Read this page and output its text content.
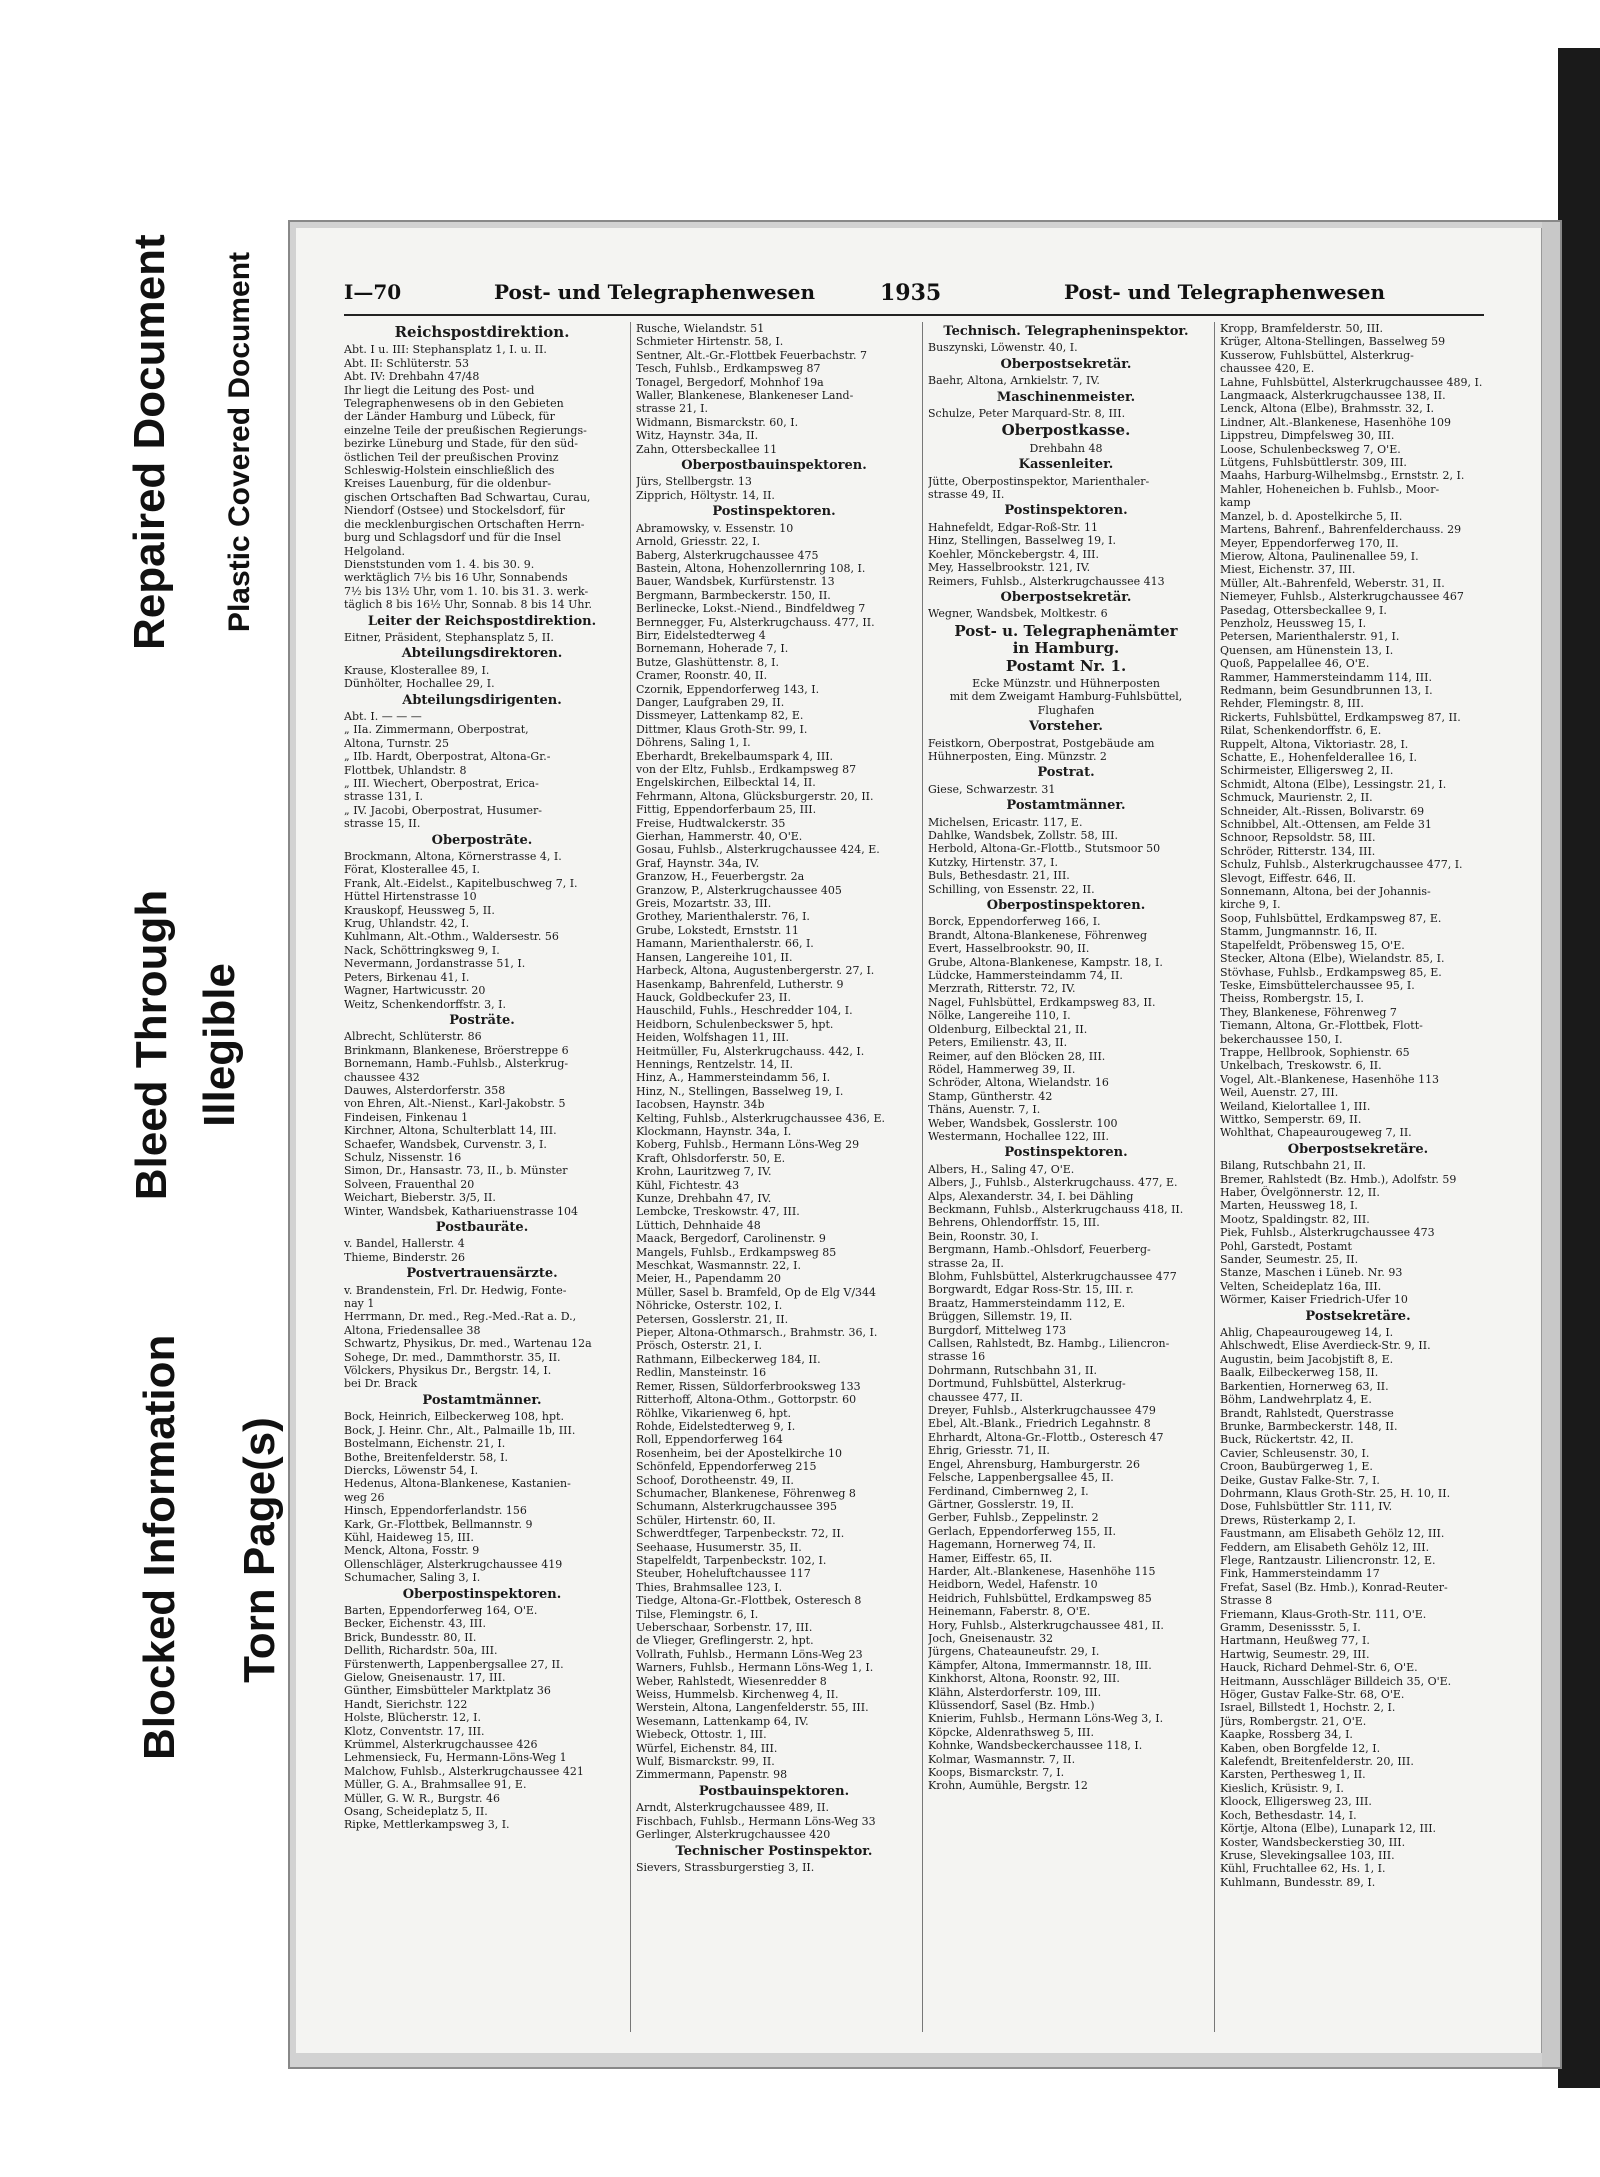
Bleed Through Illegible
Repaired Document Plastic Covered Document
Blocked Information Torn Page(s)
I—70	Post- und Telegraphenwesen	1935	Post- und Telegraphenwesen
Reichspostdirektion.
Abt. I u. III: Stephansplatz 1, I. u. II.
Abt. II: Schlüterstr. 53
Abt. IV: Drehbahn 47/48
Ihr liegt die Leitung des Post- und
Telegraphenwesens ob in den Gebieten
der Länder Hamburg und Lübeck, für
einzelne Teile der preußischen Regierungs-
bezirke Lüneburg und Stade, für den süd-
östlichen Teil der preußischen Provinz
Schleswig-Holstein einschließlich des
Kreises Lauenburg, für die oldenbur-
gischen Ortschaften Bad Schwartau, Curau,
Niendorf (Ostsee) und Stockelsdorf, für
die mecklenburgischen Ortschaften Herrn-
burg und Schlagsdorf und für die Insel
Helgoland.
Dienststunden vom 1. 4. bis 30. 9.
werktäglich 7½ bis 16 Uhr, Sonnabends
7½ bis 13½ Uhr, vom 1. 10. bis 31. 3. werk-
täglich 8 bis 16½ Uhr, Sonnab. 8 bis 14 Uhr.
Leiter der Reichspostdirektion.
Eitner, Präsident, Stephansplatz 5, II.
Abteilungsdirektoren.
Krause, Klosterallee 89, I.
Dünhölter, Hochallee 29, I.
Abteilungsdirigenten.
Abt. I. — — —
„ IIa. Zimmermann, Oberpostrat,
Altona, Turnstr. 25
„ IIb. Hardt, Oberpostrat, Altona-Gr.-
Flottbek, Uhlandstr. 8
„ III. Wiechert, Oberpostrat, Erica-
strasse 131, I.
„ IV. Jacobi, Oberpostrat, Husumer-
strasse 15, II.
Oberpostrāte.
Brockmann, Altona, Körnerstrasse 4, I.
Förat, Klosterallee 45, I.
Frank, Alt.-Eidelst., Kapitelbuschweg 7, I.
Hüttel Hirtenstrasse 10
Krauskopf, Heussweg 5, II.
Krug, Uhlandstr. 42, I.
Kuhlmann, Alt.-Othm., Waldersestr. 56
Nack, Schöttringksweg 9, I.
Nevermann, Jordanstrasse 51, I.
Peters, Birkenau 41, I.
Wagner, Hartwicusstr. 20
Weitz, Schenkendorffstr. 3, I.
Posträte.
Albrecht, Schlüterstr. 86
Brinkmann, Blankenese, Bröerstreppe 6
Bornemann, Hamb.-Fuhlsb., Alsterkrug-
chaussee 432
Dauwes, Alsterdorferstr. 358
von Ehren, Alt.-Nienst., Karl-Jakobstr. 5
Findeisen, Finkenau 1
Kirchner, Altona, Schulterblatt 14, III.
Schaefer, Wandsbek, Curvenstr. 3, I.
Schulz, Nissenstr. 16
Simon, Dr., Hansastr. 73, II., b. Münster
Solveen, Frauenthal 20
Weichart, Bieberstr. 3/5, II.
Winter, Wandsbek, Kathariuenstrasse 104
Postbauräte.
v. Bandel, Hallerstr. 4
Thieme, Binderstr. 26
Postvertrauensärzte.
v. Brandenstein, Frl. Dr. Hedwig, Fonte-
nay 1
Herrmann, Dr. med., Reg.-Med.-Rat a. D.,
Altona, Friedensallee 38
Schwartz, Physikus, Dr. med., Wartenau 12a
Sohege, Dr. med., Dammthorstr. 35, II.
Völckers, Physikus Dr., Bergstr. 14, I.
bei Dr. Brack
Postamtmänner.
Bock, Heinrich, Eilbeckerweg 108, hpt.
Bock, J. Heinr. Chr., Alt., Palmaille 1b, III.
Bostelmann, Eichenstr. 21, I.
Bothe, Breitenfelderstr. 58, I.
Diercks, Löwenstr 54, I.
Hedenus, Altona-Blankenese, Kastanien-
weg 26
Hinsch, Eppendorferlandstr. 156
Kark, Gr.-Flottbek, Bellmannstr. 9
Kühl, Haideweg 15, III.
Menck, Altona, Fosstr. 9
Ollenschläger, Alsterkrugchaussee 419
Schumacher, Saling 3, I.
Oberpostinspektoren.
Barten, Eppendorferweg 164, O'E.
Becker, Eichenstr. 43, III.
Brick, Bundesstr. 80, II.
Dellith, Richardstr. 50a, III.
Fürstenwerth, Lappenbergsallee 27, II.
Gielow, Gneisenaustr. 17, III.
Günther, Eimsbütteler Marktplatz 36
Handt, Sierichstr. 122
Holste, Blücherstr. 12, I.
Klotz, Conventstr. 17, III.
Krümmel, Alsterkrugchaussee 426
Lehmensieck, Fu, Hermann-Löns-Weg 1
Malchow, Fuhlsb., Alsterkrugchaussee 421
Müller, G. A., Brahmsallee 91, E.
Müller, G. W. R., Burgstr. 46
Osang, Scheideplatz 5, II.
Ripke, Mettlerkampsweg 3, I.
Rusche, Wielandstr. 51
Schmieter Hirtenstr. 58, I.
Sentner, Alt.-Gr.-Flottbek Feuerbachstr. 7
Tesch, Fuhlsb., Erdkampsweg 87
Tonagel, Bergedorf, Mohnhof 19a
Waller, Blankenese, Blankeneser Land-
strasse 21, I.
Widmann, Bismarckstr. 60, I.
Witz, Haynstr. 34a, II.
Zahn, Ottersbeckallee 11
Oberpostbauinspektoren.
Jürs, Stellbergstr. 13
Zipprich, Höltystr. 14, II.
Postinspektoren.
Abramowsky, v. Essenstr. 10
Arnold, Griesstr. 22, I.
Baberg, Alsterkrugchaussee 475
Bastein, Altona, Hohenzollernring 108, I.
Bauer, Wandsbek, Kurfürstenstr. 13
Bergmann, Barmbeckerstr. 150, II.
Berlinecke, Lokst.-Niend., Bindfeldweg 7
Bernnegger, Fu, Alsterkrugchauss. 477, II.
Birr, Eidelstedterweg 4
Bornemann, Hoherade 7, I.
Butze, Glashüttenstr. 8, I.
Cramer, Roonstr. 40, II.
Czornik, Eppendorferweg 143, I.
Danger, Laufgraben 29, II.
Dissmeyer, Lattenkamp 82, E.
Dittmer, Klaus Groth-Str. 99, I.
Döhrens, Saling 1, I.
Eberhardt, Brekelbaumspark 4, III.
von der Eltz, Fuhlsb., Erdkampsweg 87
Engelskirchen, Eilbecktal 14, II.
Fehrmann, Altona, Glücksburgerstr. 20, II.
Fittig, Eppendorferbaum 25, III.
Freise, Hudtwalckerstr. 35
Gierhan, Hammerstr. 40, O'E.
Gosau, Fuhlsb., Alsterkrugchaussee 424, E.
Graf, Haynstr. 34a, IV.
Granzow, H., Feuerbergstr. 2a
Granzow, P., Alsterkrugchaussee 405
Greis, Mozartstr. 33, III.
Grothey, Marienthalerstr. 76, I.
Grube, Lokstedt, Ernststr. 11
Hamann, Marienthalerstr. 66, I.
Hansen, Langereihe 101, II.
Harbeck, Altona, Augustenbergerstr. 27, I.
Hasenkamp, Bahrenfeld, Lutherstr. 9
Hauck, Goldbeckufer 23, II.
Hauschild, Fuhls., Heschredder 104, I.
Heidborn, Schulenbeckswer 5, hpt.
Heiden, Wolfshagen 11, III.
Heitmüller, Fu, Alsterkrugchauss. 442, I.
Hennings, Rentzelstr. 14, II.
Hinz, A., Hammersteindamm 56, I.
Hinz, N., Stellingen, Basselweg 19, I.
Iacobsen, Haynstr. 34b
Kelting, Fuhlsb., Alsterkrugchaussee 436, E.
Klockmann, Haynstr. 34a, I.
Koberg, Fuhlsb., Hermann Löns-Weg 29
Kraft, Ohlsdorferstr. 50, E.
Krohn, Lauritzweg 7, IV.
Kühl, Fichtestr. 43
Kunze, Drehbahn 47, IV.
Lembcke, Treskowstr. 47, III.
Lüttich, Dehnhaide 48
Maack, Bergedorf, Carolinenstr. 9
Mangels, Fuhlsb., Erdkampsweg 85
Meschkat, Wasmannstr. 22, I.
Meier, H., Papendamm 20
Müller, Sasel b. Bramfeld, Op de Elg V/344
Nöhricke, Osterstr. 102, I.
Petersen, Gosslerstr. 21, II.
Pieper, Altona-Othmarsch., Brahmstr. 36, I.
Prösch, Osterstr. 21, I.
Rathmann, Eilbeckerweg 184, II.
Redlin, Mansteinstr. 16
Remer, Rissen, Süldorferbrooksweg 133
Ritterhoff, Altona-Othm., Gottorpstr. 60
Röhlke, Vikarienweg 6, hpt.
Rohde, Eidelstedterweg 9, I.
Roll, Eppendorferweg 164
Rosenheim, bei der Apostelkirche 10
Schönfeld, Eppendorferweg 215
Schoof, Dorotheenstr. 49, II.
Schumacher, Blankenese, Föhrenweg 8
Schumann, Alsterkrugchaussee 395
Schüler, Hirtenstr. 60, II.
Schwerdtfeger, Tarpenbeckstr. 72, II.
Seehaase, Husumerstr. 35, II.
Stapelfeldt, Tarpenbeckstr. 102, I.
Steuber, Hoheluftchaussee 117
Thies, Brahmsallee 123, I.
Tiedge, Altona-Gr.-Flottbek, Osteresch 8
Tilse, Flemingstr. 6, I.
Ueberschaar, Sorbenstr. 17, III.
de Vlieger, Greflingerstr. 2, hpt.
Vollrath, Fuhlsb., Hermann Löns-Weg 23
Warners, Fuhlsb., Hermann Löns-Weg 1, I.
Weber, Rahlstedt, Wiesenredder 8
Weiss, Hummelsb. Kirchenweg 4, II.
Werstein, Altona, Langenfelderstr. 55, III.
Wesemann, Lattenkamp 64, IV.
Wiebeck, Ottostr. 1, III.
Würfel, Eichenstr. 84, III.
Wulf, Bismarckstr. 99, II.
Zimmermann, Papenstr. 98
Postbauinspektoren.
Arndt, Alsterkrugchaussee 489, II.
Fischbach, Fuhlsb., Hermann Löns-Weg 33
Gerlinger, Alsterkrugchaussee 420
Technischer Postinspektor.
Sievers, Strassburgerstieg 3, II.
Technisch. Telegrapheninspektor.
Buszynski, Löwenstr. 40, I.
Oberpostsekretär.
Baehr, Altona, Arnkielstr. 7, IV.
Maschinenmeister.
Schulze, Peter Marquard-Str. 8, III.
Oberpostkasse.
Drehbahn 48
Kassenleiter.
Jütte, Oberpostinspektor, Marienthaler-
strasse 49, II.
Postinspektoren.
Hahnefeldt, Edgar-Roß-Str. 11
Hinz, Stellingen, Basselweg 19, I.
Koehler, Mönckebergstr. 4, III.
Mey, Hasselbrookstr. 121, IV.
Reimers, Fuhlsb., Alsterkrugchaussee 413
Oberpostsekretär.
Wegner, Wandsbek, Moltkestr. 6
Post- u. Telegraphenämter
in Hamburg.
Postamt Nr. 1.
Ecke Münzstr. und Hühnerposten
mit dem Zweigamt Hamburg-Fuhlsbüttel,
Flughafen
Vorsteher.
Feistkorn, Oberpostrat, Postgebäude am
Hühnerposten, Eing. Münzstr. 2
Postrat.
Giese, Schwarzestr. 31
Postamtmänner.
Michelsen, Ericastr. 117, E.
Dahlke, Wandsbek, Zollstr. 58, III.
Herbold, Altona-Gr.-Flottb., Stutsmoor 50
Kutzky, Hirtenstr. 37, I.
Buls, Bethesdastr. 21, III.
Schilling, von Essenstr. 22, II.
Oberpostinspektoren.
Borck, Eppendorferweg 166, I.
Brandt, Altona-Blankenese, Föhrenweg
Evert, Hasselbrookstr. 90, II.
Grube, Altona-Blankenese, Kampstr. 18, I.
Lüdcke, Hammersteindamm 74, II.
Merzrath, Ritterstr. 72, IV.
Nagel, Fuhlsbüttel, Erdkampsweg 83, II.
Nölke, Langereihe 110, I.
Oldenburg, Eilbecktal 21, II.
Peters, Emilienstr. 43, II.
Reimer, auf den Blöcken 28, III.
Rödel, Hammerweg 39, II.
Schröder, Altona, Wielandstr. 16
Stamp, Güntherstr. 42
Thäns, Auenstr. 7, I.
Weber, Wandsbek, Gosslerstr. 100
Westermann, Hochallee 122, III.
Postinspektoren.
Albers, H., Saling 47, O'E.
Albers, J., Fuhlsb., Alsterkrugchauss. 477, E.
Alps, Alexanderstr. 34, I. bei Dähling
Beckmann, Fuhlsb., Alsterkrugchauss 418, II.
Behrens, Ohlendorffstr. 15, III.
Bein, Roonstr. 30, I.
Bergmann, Hamb.-Ohlsdorf, Feuerberg-
strasse 2a, II.
Blohm, Fuhlsbüttel, Alsterkrugchaussee 477
Borgwardt, Edgar Ross-Str. 15, III. r.
Braatz, Hammersteindamm 112, E.
Brüggen, Sillemstr. 19, II.
Burgdorf, Mittelweg 173
Callsen, Rahlstedt, Bz. Hambg., Liliencron-
strasse 16
Dohrmann, Rutschbahn 31, II.
Dortmund, Fuhlsbüttel, Alsterkrug-
chaussee 477, II.
Dreyer, Fuhlsb., Alsterkrugchaussee 479
Ebel, Alt.-Blank., Friedrich Legahnstr. 8
Ehrhardt, Altona-Gr.-Flottb., Osteresch 47
Ehrig, Griesstr. 71, II.
Engel, Ahrensburg, Hamburgerstr. 26
Felsche, Lappenbergsallee 45, II.
Ferdinand, Cimbernweg 2, I.
Gärtner, Gosslerstr. 19, II.
Gerber, Fuhlsb., Zeppelinstr. 2
Gerlach, Eppendorferweg 155, II.
Hagemann, Hornerweg 74, II.
Hamer, Eiffestr. 65, II.
Harder, Alt.-Blankenese, Hasenhöhe 115
Heidborn, Wedel, Hafenstr. 10
Heidrich, Fuhlsbüttel, Erdkampsweg 85
Heinemann, Faberstr. 8, O'E.
Hory, Fuhlsb., Alsterkrugchaussee 481, II.
Joch, Gneisenaustr. 32
Jürgens, Chateauneufstr. 29, I.
Kämpfer, Altona, Immermannstr. 18, III.
Kinkhorst, Altona, Roonstr. 92, III.
Klähn, Alsterdorferstr. 109, III.
Klüssendorf, Sasel (Bz. Hmb.)
Knierim, Fuhlsb., Hermann Löns-Weg 3, I.
Köpcke, Aldenrathsweg 5, III.
Kohnke, Wandsbeckerchaussee 118, I.
Kolmar, Wasmannstr. 7, II.
Koops, Bismarckstr. 7, I.
Krohn, Aumühle, Bergstr. 12
Kropp, Bramfelderstr. 50, III.
Krüger, Altona-Stellingen, Basselweg 59
Kusserow, Fuhlsbüttel, Alsterkrug-
chaussee 420, E.
Lahne, Fuhlsbüttel, Alsterkrugchaussee 489, I.
Langmaack, Alsterkrugchaussee 138, II.
Lenck, Altona (Elbe), Brahmsstr. 32, I.
Lindner, Alt.-Blankenese, Hasenhöhe 109
Lippstreu, Dimpfelsweg 30, III.
Loose, Schulenbecksweg 7, O'E.
Lütgens, Fuhlsbüttlerstr. 309, III.
Maahs, Harburg-Wilhelmsbg., Ernststr. 2, I.
Mahler, Hoheneichen b. Fuhlsb., Moor-
kamp
Manzel, b. d. Apostelkirche 5, II.
Martens, Bahrenf., Bahrenfelderchauss. 29
Meyer, Eppendorferweg 170, II.
Mierow, Altona, Paulinenallee 59, I.
Miest, Eichenstr. 37, III.
Müller, Alt.-Bahrenfeld, Weberstr. 31, II.
Niemeyer, Fuhlsb., Alsterkrugchaussee 467
Pasedag, Ottersbeckallee 9, I.
Penzholz, Heussweg 15, I.
Petersen, Marienthalerstr. 91, I.
Quensen, am Hünenstein 13, I.
Quoß, Pappelallee 46, O'E.
Rammer, Hammersteindamm 114, III.
Redmann, beim Gesundbrunnen 13, I.
Rehder, Flemingstr. 8, III.
Rickerts, Fuhlsbüttel, Erdkampsweg 87, II.
Rilat, Schenkendorffstr. 6, E.
Ruppelt, Altona, Viktoriastr. 28, I.
Schatte, E., Hohenfelderallee 16, I.
Schirmeister, Elligersweg 2, II.
Schmidt, Altona (Elbe), Lessingstr. 21, I.
Schmuck, Maurienstr. 2, II.
Schneider, Alt.-Rissen, Bolivarstr. 69
Schnibbel, Alt.-Ottensen, am Felde 31
Schnoor, Repsoldstr. 58, III.
Schröder, Ritterstr. 134, III.
Schulz, Fuhlsb., Alsterkrugchaussee 477, I.
Slevogt, Eiffestr. 646, II.
Sonnemann, Altona, bei der Johannis-
kirche 9, I.
Soop, Fuhlsbüttel, Erdkampsweg 87, E.
Stamm, Jungmannstr. 16, II.
Stapelfeldt, Pröbensweg 15, O'E.
Stecker, Altona (Elbe), Wielandstr. 85, I.
Stövhase, Fuhlsb., Erdkampsweg 85, E.
Teske, Eimsbüttelerchaussee 95, I.
Theiss, Rombergstr. 15, I.
They, Blankenese, Föhrenweg 7
Tiemann, Altona, Gr.-Flottbek, Flott-
bekerchaussee 150, I.
Trappe, Hellbrook, Sophienstr. 65
Unkelbach, Treskowstr. 6, II.
Vogel, Alt.-Blankenese, Hasenhöhe 113
Weil, Auenstr. 27, III.
Weiland, Kielortallee 1, III.
Wittko, Semperstr. 69, II.
Wohlthat, Chapeaurougeweg 7, II.
Oberpostsekretäre.
Bilang, Rutschbahn 21, II.
Bremer, Rahlstedt (Bz. Hmb.), Adolfstr. 59
Haber, Övelgönnerstr. 12, II.
Marten, Heussweg 18, I.
Mootz, Spaldingstr. 82, III.
Piek, Fuhlsb., Alsterkrugchaussee 473
Pohl, Garstedt, Postamt
Sander, Seumestr. 25, II.
Stanze, Maschen i Lüneb. Nr. 93
Velten, Scheideplatz 16a, III.
Wörmer, Kaiser Friedrich-Ufer 10
Postsekretäre.
Ahlig, Chapeaurougeweg 14, I.
Ahlschwedt, Elise Averdieck-Str. 9, II.
Augustin, beim Jacobjstift 8, E.
Baalk, Eilbeckerweg 158, II.
Barkentien, Hornerweg 63, II.
Böhm, Landwehrplatz 4, E.
Brandt, Rahlstedt, Querstrasse
Brunke, Barmbeckerstr. 148, II.
Buck, Rückertstr. 42, II.
Cavier, Schleusenstr. 30, I.
Croon, Baubürgerweg 1, E.
Deike, Gustav Falke-Str. 7, I.
Dohrmann, Klaus Groth-Str. 25, H. 10, II.
Dose, Fuhlsbüttler Str. 111, IV.
Drews, Rüsterkamp 2, I.
Faustmann, am Elisabeth Gehölz 12, III.
Feddern, am Elisabeth Gehölz 12, III.
Flege, Rantzaustr. Liliencronstr. 12, E.
Fink, Hammersteindamm 17
Frefat, Sasel (Bz. Hmb.), Konrad-Reuter-
Strasse 8
Friemann, Klaus-Groth-Str. 111, O'E.
Gramm, Desenissstr. 5, I.
Hartmann, Heußweg 77, I.
Hartwig, Seumestr. 29, III.
Hauck, Richard Dehmel-Str. 6, O'E.
Heitmann, Ausschläger Billdeich 35, O'E.
Höger, Gustav Falke-Str. 68, O'E.
Israel, Billstedt 1, Hochstr. 2, I.
Jürs, Rombergstr. 21, O'E.
Kaapke, Rossberg 34, I.
Kaben, oben Borgfelde 12, I.
Kalefendt, Breitenfelderstr. 20, III.
Karsten, Perthesweg 1, II.
Kieslich, Krüsistr. 9, I.
Kloock, Elligersweg 23, III.
Koch, Bethesdastr. 14, I.
Körtje, Altona (Elbe), Lunapark 12, III.
Koster, Wandsbeckerstieg 30, III.
Kruse, Slevekingsallee 103, III.
Kühl, Fruchtallee 62, Hs. 1, I.
Kuhlmann, Bundesstr. 89, I.
